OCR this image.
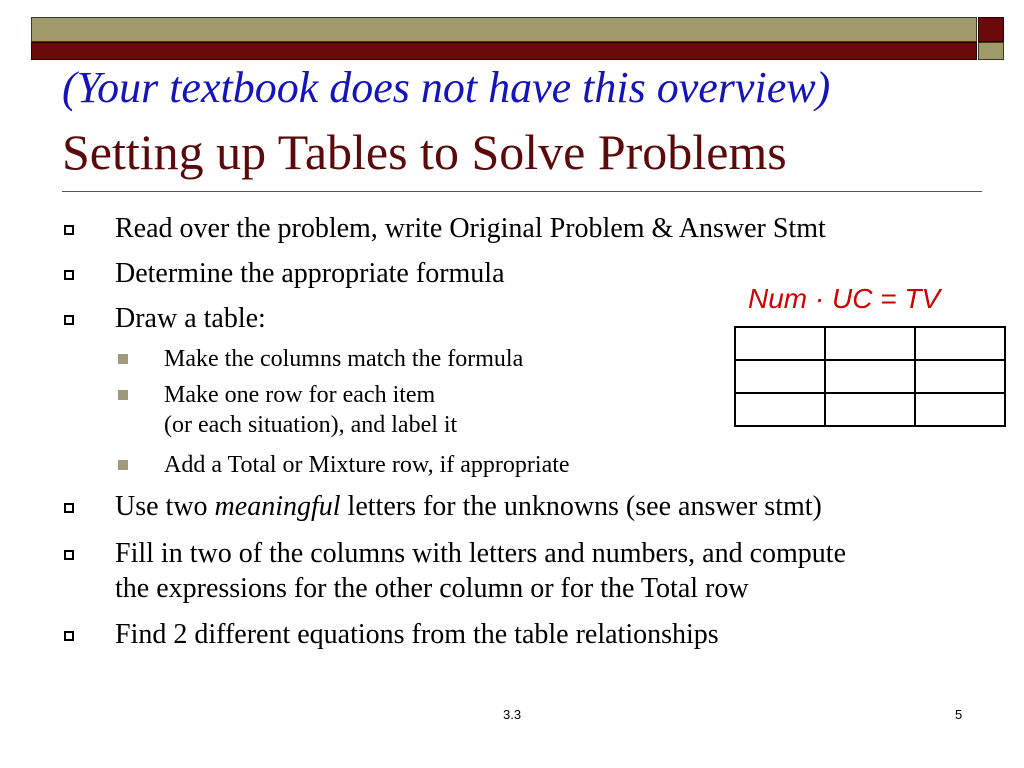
(Your textbook does not have this overview)
Setting up Tables to Solve Problems
Read over the problem, write Original Problem & Answer Stmt
Determine the appropriate formula
Draw a table:
Make the columns match the formula
Make one row for each item
(or each situation), and label it
Add a Total or Mixture row, if appropriate
Use two meaningful letters for the unknowns (see answer stmt)
Fill in two of the columns with letters and numbers, and compute
the expressions for the other column or for the Total row
Find 2 different equations from the table relationships
Num · UC = TV

3.3	5
